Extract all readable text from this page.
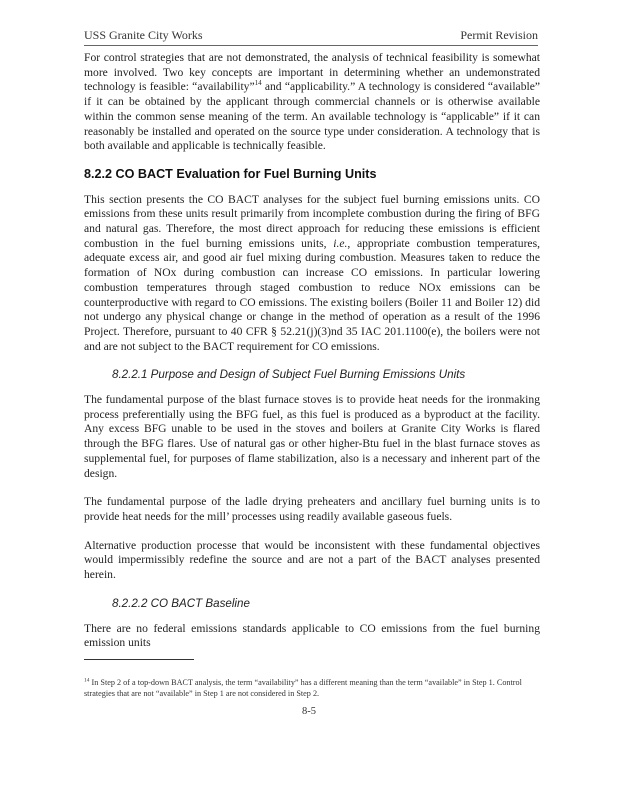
USS Granite City Works	Permit Revision

For control strategies that are not demonstrated, the analysis of technical feasibility is somewhat more involved. Two key concepts are important in determining whether an undemonstrated technology is feasible: “availability”$^{14}$ and “applicability.” A technology is considered “available” if it can be obtained by the applicant through commercial channels or is otherwise available within the common sense meaning of the term. An available technology is “applicable” if it can reasonably be installed and operated on the source type under consideration. A technology that is both available and applicable is technically feasible.

8.2.2 CO BACT Evaluation for Fuel Burning Units

This section presents the CO BACT analyses for the subject fuel burning emissions units. CO emissions from these units result primarily from incomplete combustion during the firing of BFG and natural gas. Therefore, the most direct approach for reducing these emissions is efficient combustion in the fuel burning emissions units, i.e., appropriate combustion temperatures, adequate excess air, and good air fuel mixing during combustion. Measures taken to reduce the formation of NOx during combustion can increase CO emissions. In particular lowering combustion temperatures through staged combustion to reduce NOx emissions can be counterproductive with regard to CO emissions. The existing boilers (Boiler 11 and Boiler 12) did not undergo any physical change or change in the method of operation as a result of the 1996 Project. Therefore, pursuant to 40 CFR § 52.21(j)(3)nd 35 IAC 201.1100(e), the boilers were not and are not subject to the BACT requirement for CO emissions.

8.2.2.1 Purpose and Design of Subject Fuel Burning Emissions Units

The fundamental purpose of the blast furnace stoves is to provide heat needs for the ironmaking process preferentially using the BFG fuel, as this fuel is produced as a byproduct at the facility. Any excess BFG unable to be used in the stoves and boilers at Granite City Works is flared through the BFG flares. Use of natural gas or other higher-Btu fuel in the blast furnace stoves as supplemental fuel, for purposes of flame stabilization, also is a necessary and inherent part of the design.

The fundamental purpose of the ladle drying preheaters and ancillary fuel burning units is to provide heat needs for the mill’ processes using readily available gaseous fuels.

Alternative production processe that would be inconsistent with these fundamental objectives would impermissibly redefine the source and are not a part of the BACT analyses presented herein.

8.2.2.2 CO BACT Baseline

There are no federal emissions standards applicable to CO emissions from the fuel burning emission units

$^{14}$ In Step 2 of a top-down BACT analysis, the term “availability” has a different meaning than the term “available” in Step 1. Control strategies that are not “available” in Step 1 are not considered in Step 2.
8-5
